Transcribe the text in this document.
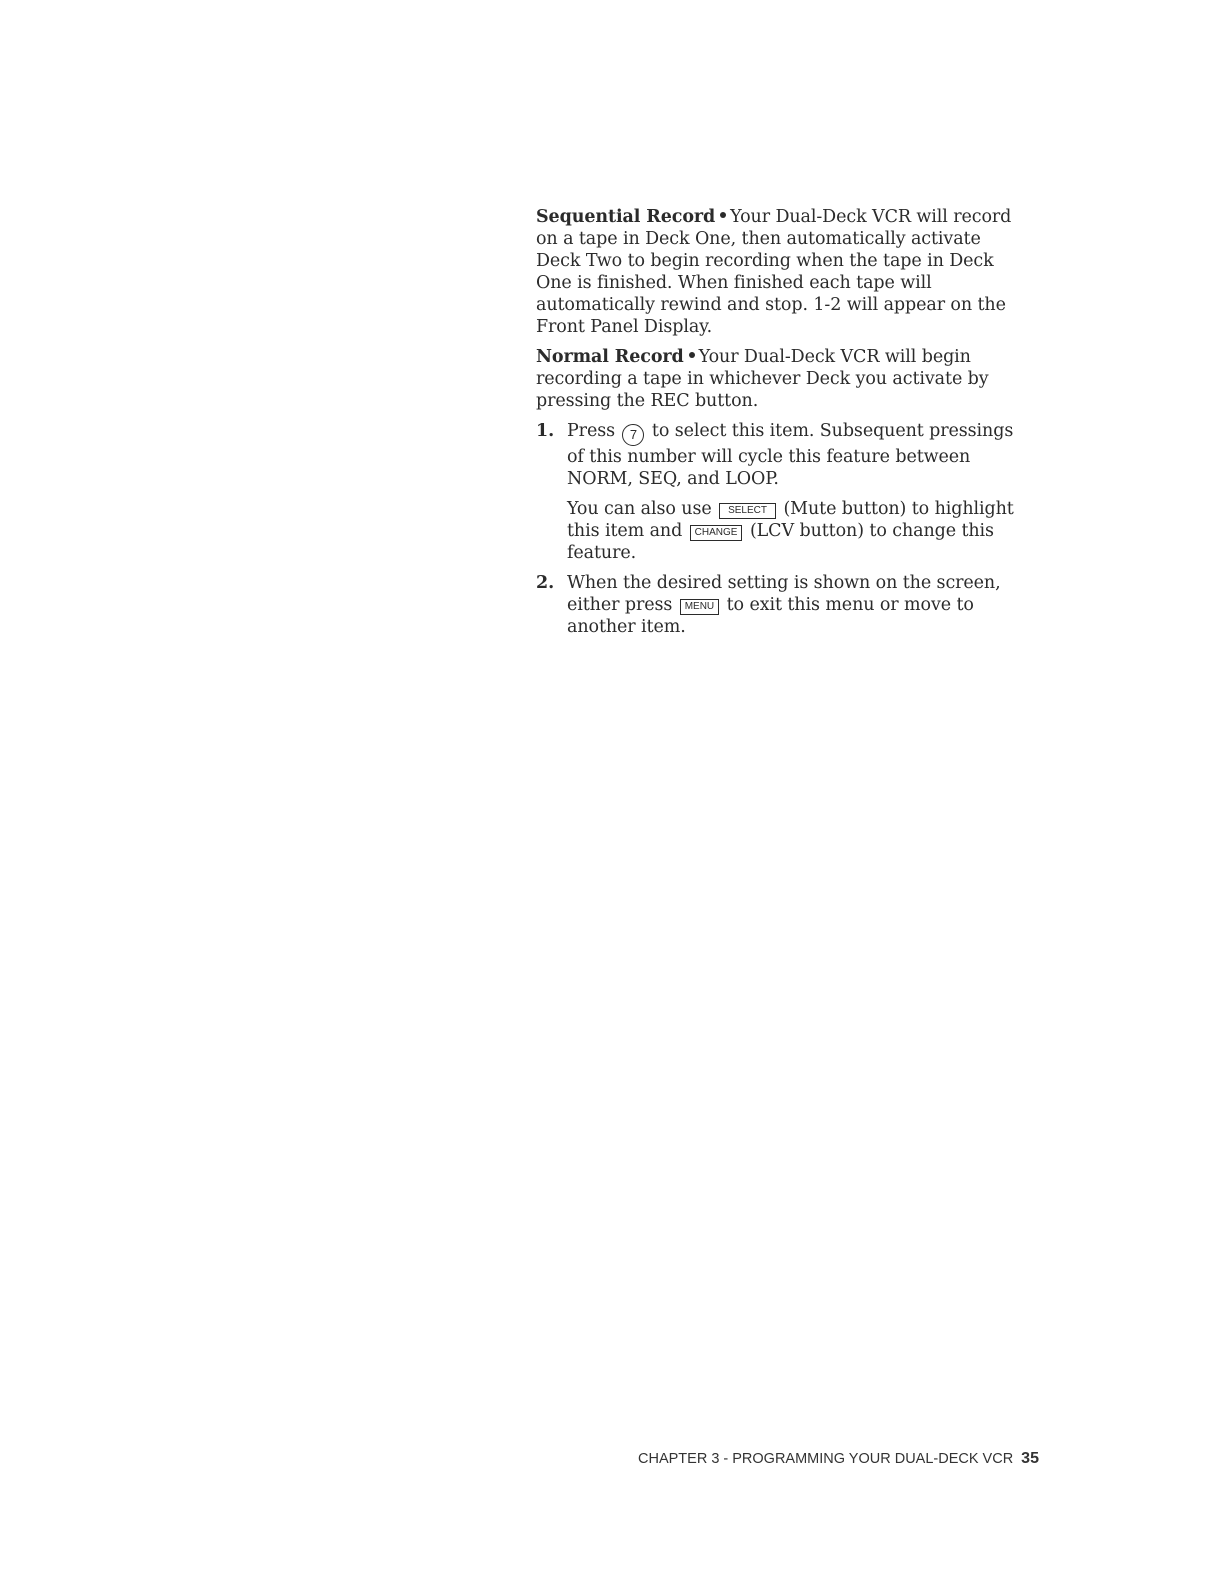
Sequential Record Your Dual-Deck VCR will record on a tape in Deck One, then automatically activate Deck Two to begin recording when the tape in Deck One is finished. When finished each tape will automatically rewind and stop. 1-2 will appear on the Front Panel Display.

Normal Record Your Dual-Deck VCR will begin recording a tape in whichever Deck you activate by pressing the REC button.

1. Press 7 to select this item. Subsequent pressings of this number will cycle this feature between NORM, SEQ, and LOOP.
You can also use SELECT (Mute button) to highlight this item and CHANGE (LCV button) to change this feature.
2. When the desired setting is shown on the screen, either press MENU to exit this menu or move to another item.
CHAPTER 3 - PROGRAMMING YOUR DUAL-DECK VCR 35
